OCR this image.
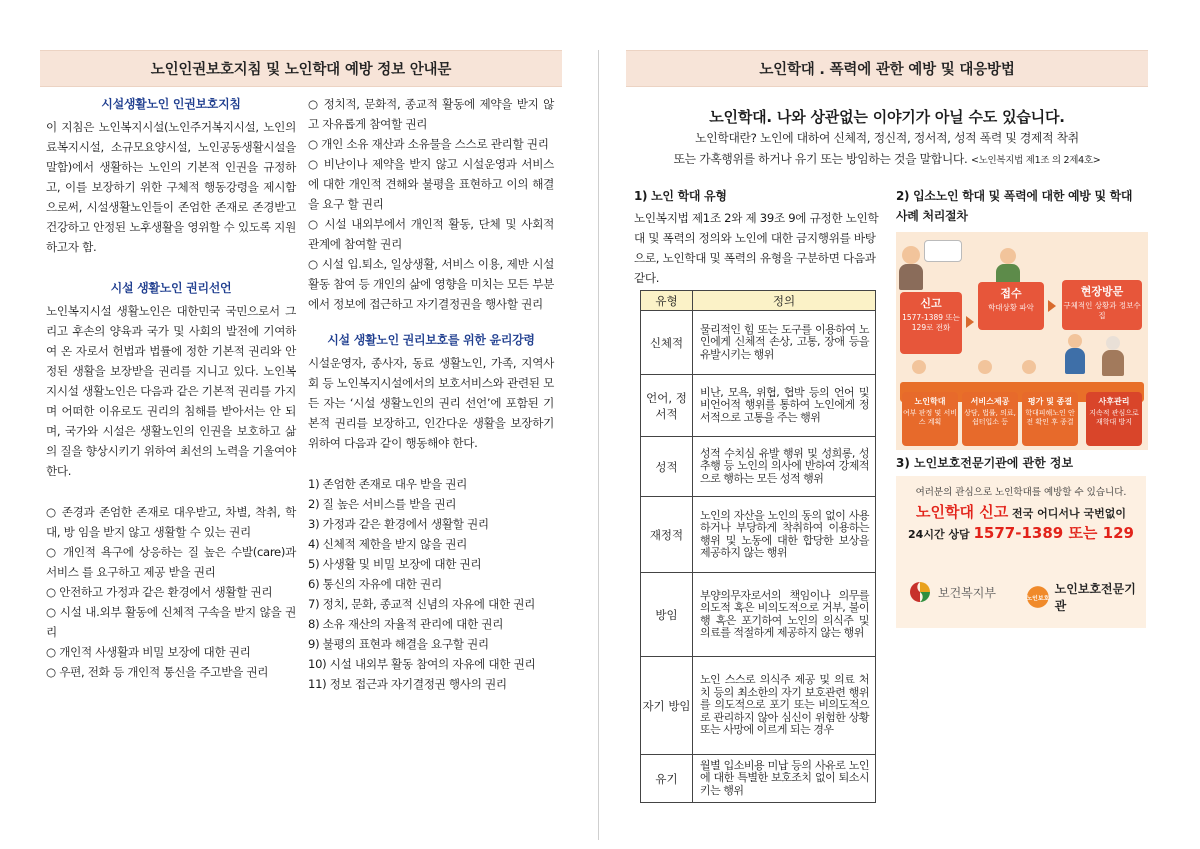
노인인권보호지침 및 노인학대 예방 정보 안내문
시설생활노인 인권보호지침
이 지침은 노인복지시설(노인주거복지시설, 노인의료복지시설, 소규모요양시설, 노인공동생활시설을 말함)에서 생활하는 노인의 기본적 인권을 규정하고, 이를 보장하기 위한 구체적 행동강령을 제시함으로써, 시설생활노인들이 존엄한 존재로 존경받고 건강하고 안정된 노후생활을 영위할 수 있도록 지원하고자 함.
시설 생활노인 권리선언
노인복지시설 생활노인은 대한민국 국민으로서 그리고 후손의 양육과 국가 및 사회의 발전에 기여하여 온 자로서 헌법과 법률에 정한 기본적 권리와 안정된 생활을 보장받을 권리를 지니고 있다. 노인복지시설 생활노인은 다음과 같은 기본적 권리를 가지며 어떠한 이유로도 권리의 침해를 받아서는 안 되며, 국가와 시설은 생활노인의 인권을 보호하고 삶의 질을 향상시키기 위하여 최선의 노력을 기울여야 한다.
○ 존경과 존엄한 존재로 대우받고, 차별, 착취, 학대, 방 임을 받지 않고 생활할 수 있는 권리
○ 개인적 욕구에 상응하는 질 높은 수발(care)과 서비스 를 요구하고 제공 받을 권리
○ 안전하고 가정과 같은 환경에서 생활할 권리
○ 시설 내.외부 활동에 신체적 구속을 받지 않을 권리
○ 개인적 사생활과 비밀 보장에 대한 권리
○ 우편, 전화 등 개인적 통신을 주고받을 권리
○ 정치적, 문화적, 종교적 활동에 제약을 받지 않고 자유롭게 참여할 권리
○ 개인 소유 재산과 소유물을 스스로 관리할 권리
○ 비난이나 제약을 받지 않고 시설운영과 서비스에 대한 개인적 견해와 불평을 표현하고 이의 해결을 요구 할 권리
○ 시설 내외부에서 개인적 활동, 단체 및 사회적 관계에 참여할 권리
○ 시설 입.퇴소, 일상생활, 서비스 이용, 제반 시설활동 참여 등 개인의 삶에 영향을 미치는 모든 부분에서 정보에 접근하고 자기결정권을 행사할 권리
시설 생활노인 권리보호를 위한 윤리강령
시설운영자, 종사자, 동료 생활노인, 가족, 지역사회 등 노인복지시설에서의 보호서비스와 관련된 모든 자는 ‘시설 생활노인의 권리 선언’에 포함된 기본적 권리를 보장하고, 인간다운 생활을 보장하기 위하여 다음과 같이 행동해야 한다.
1) 존엄한 존재로 대우 받을 권리
2) 질 높은 서비스를 받을 권리
3) 가정과 같은 환경에서 생활할 권리
4) 신체적 제한을 받지 않을 권리
5) 사생활 및 비밀 보장에 대한 권리
6) 통신의 자유에 대한 권리
7) 정치, 문화, 종교적 신념의 자유에 대한 권리
8) 소유 재산의 자율적 관리에 대한 권리
9) 불평의 표현과 해결을 요구할 권리
10) 시설 내외부 활동 참여의 자유에 대한 권리
11) 정보 접근과 자기결정권 행사의 권리
노인학대 . 폭력에 관한 예방 및 대응방법
노인학대. 나와 상관없는 이야기가 아닐 수도 있습니다.
노인학대란? 노인에 대하여 신체적, 정신적, 정서적, 성적 폭력 및 경제적 착취
또는 가혹행위를 하거나 유기 또는 방임하는 것을 말합니다. <노인복지법 제1조 의 2제4호>
1) 노인 학대 유형
노인복지법 제1조 2와 제 39조 9에 규정한 노인학대 및 폭력의 정의와 노인에 대한 금지행위를 바탕으로, 노인학대 및 폭력의 유형을 구분하면 다음과 같다.
유형	정의
신체적	물리적인 힘 또는 도구를 이용하여 노인에게 신체적 손상, 고통, 장애 등을 유발시키는 행위
언어, 정서적	비난, 모욕, 위협, 협박 등의 언어 및 비언어적 행위를 통하여 노인에게 정서적으로 고통을 주는 행위
성적	성적 수치심 유발 행위 및 성희롱, 성추행 등 노인의 의사에 반하여 강제적으로 행하는 모든 성적 행위
재정적	노인의 자산을 노인의 동의 없이 사용하거나 부당하게 착취하여 이용하는 행위 및 노동에 대한 합당한 보상을 제공하지 않는 행위
방임	부양의무자로서의 책임이나 의무를 의도적 혹은 비의도적으로 거부, 불이행 혹은 포기하여 노인의 의식주 및 의료를 적절하게 제공하지 않는 행위
자기 방임	노인 스스로 의식주 제공 및 의료 처치 등의 최소한의 자기 보호관련 행위를 의도적으로 포기 또는 비의도적으로 관리하지 않아 심신이 위험한 상황 또는 사망에 이르게 되는 경우
유기	월별 입소비용 미납 등의 사유로 노인에 대한 특별한 보호조치 없이 퇴소시키는 행위
2) 입소노인 학대 및 폭력에 대한 예방 및 학대 사례 처리절차
신고
1577-1389 또는 129로 전화
접수
학대상황 파악
현장방문
구체적인 상황과 정보수집
노인학대
여부 판정 및 서비스 계획
서비스제공
상담, 법률, 의료, 쉼터입소 등
평가 및 종결
학대피해노인 안전 확인 후 종결
사후관리
지속적 관심으로 재학대 방지
3) 노인보호전문기관에 관한 정보
여러분의 관심으로 노인학대를 예방할 수 있습니다.
노인학대 신고 전국 어디서나 국번없이
24시간 상담 1577-1389 또는 129
보건복지부	노인보호
노인보호전문기관
